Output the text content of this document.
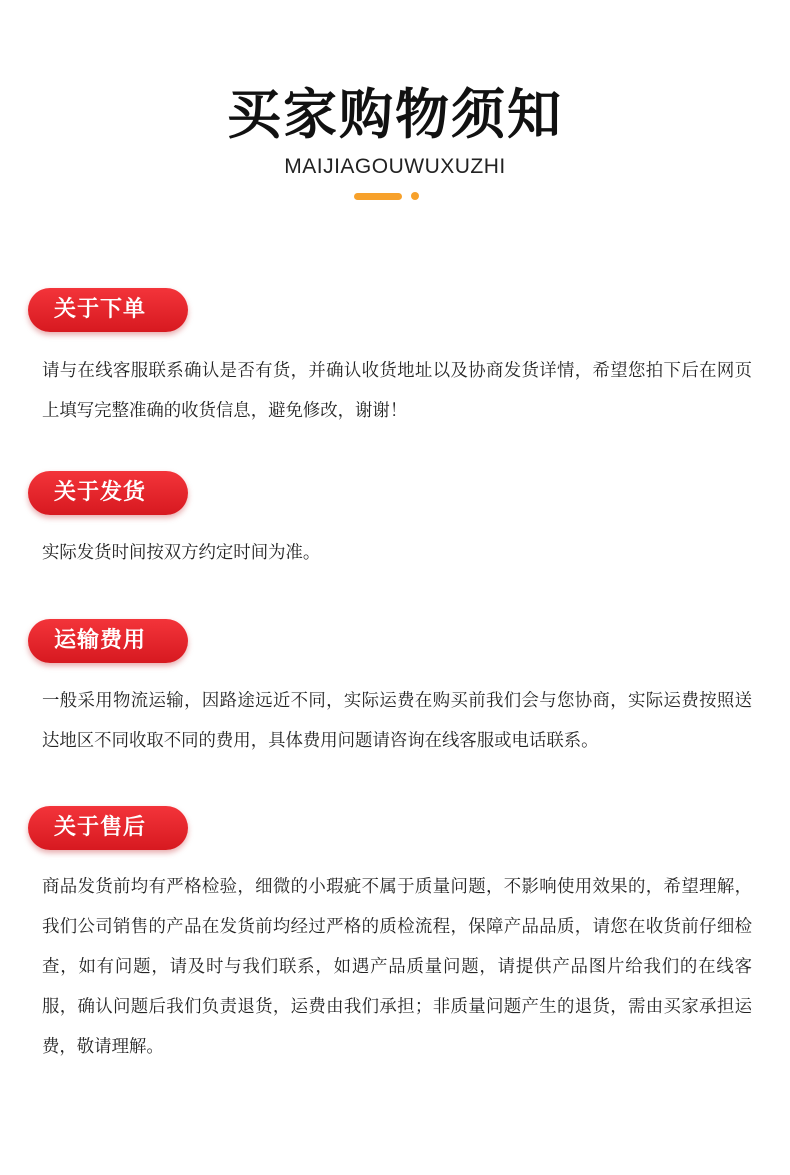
买家购物须知
MAIJIAGOUWUXUZHI
关于下单
请与在线客服联系确认是否有货，并确认收货地址以及协商发货详情，希望您拍下后在网页上填写完整准确的收货信息，避免修改，谢谢！
关于发货
实际发货时间按双方约定时间为准。
运输费用
一般采用物流运输，因路途远近不同，实际运费在购买前我们会与您协商，实际运费按照送达地区不同收取不同的费用，具体费用问题请咨询在线客服或电话联系。
关于售后
商品发货前均有严格检验，细微的小瑕疵不属于质量问题，不影响使用效果的，希望理解，我们公司销售的产品在发货前均经过严格的质检流程，保障产品品质，请您在收货前仔细检查，如有问题，请及时与我们联系，如遇产品质量问题，请提供产品图片给我们的在线客服，确认问题后我们负责退货，运费由我们承担；非质量问题产生的退货，需由买家承担运费，敬请理解。
